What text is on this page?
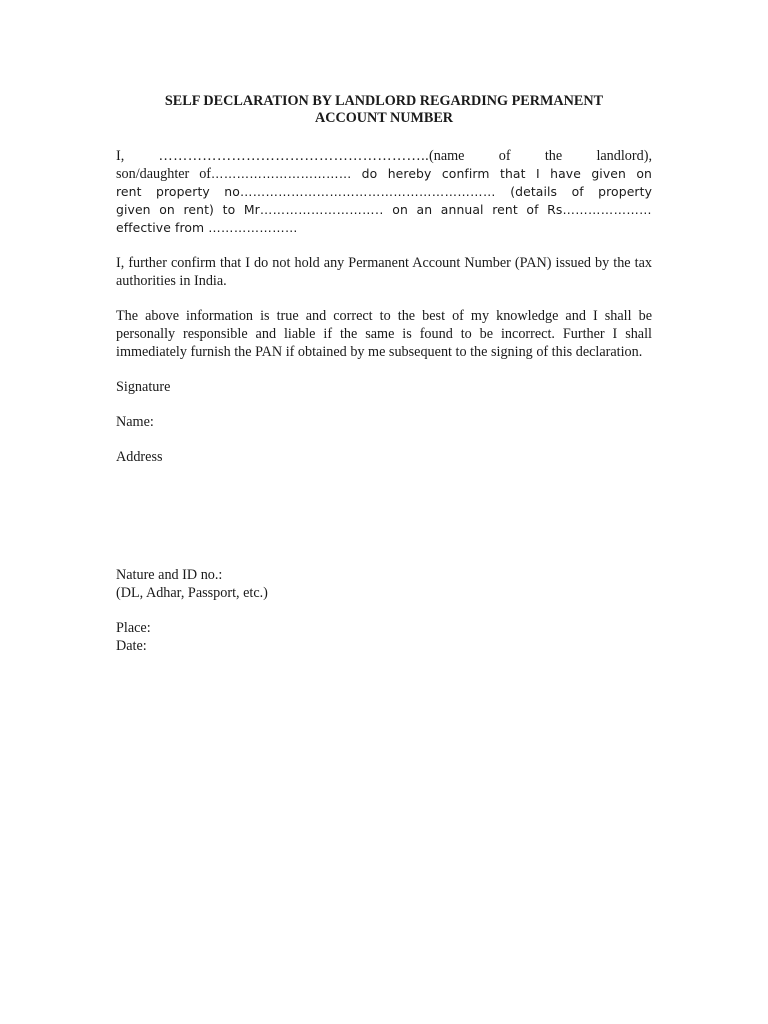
SELF DECLARATION BY LANDLORD REGARDING PERMANENT
ACCOUNT NUMBER
I, ………………………………………………..(name of the landlord),
son/daughter of…………………………… do hereby confirm that I have given on
rent property no…………………………………………………… (details of property
given on rent) to Mr……………………….. on an annual rent of Rs…………………
effective from …………………

I, further confirm that I do not hold any Permanent Account Number (PAN) issued by the tax authorities in India.

The above information is true and correct to the best of my knowledge and I shall be personally responsible and liable if the same is found to be incorrect. Further I shall immediately furnish the PAN if obtained by me subsequent to the signing of this declaration.

Signature

Name:

Address

Nature and ID no.:

(DL, Adhar, Passport, etc.)

Place:

Date:
